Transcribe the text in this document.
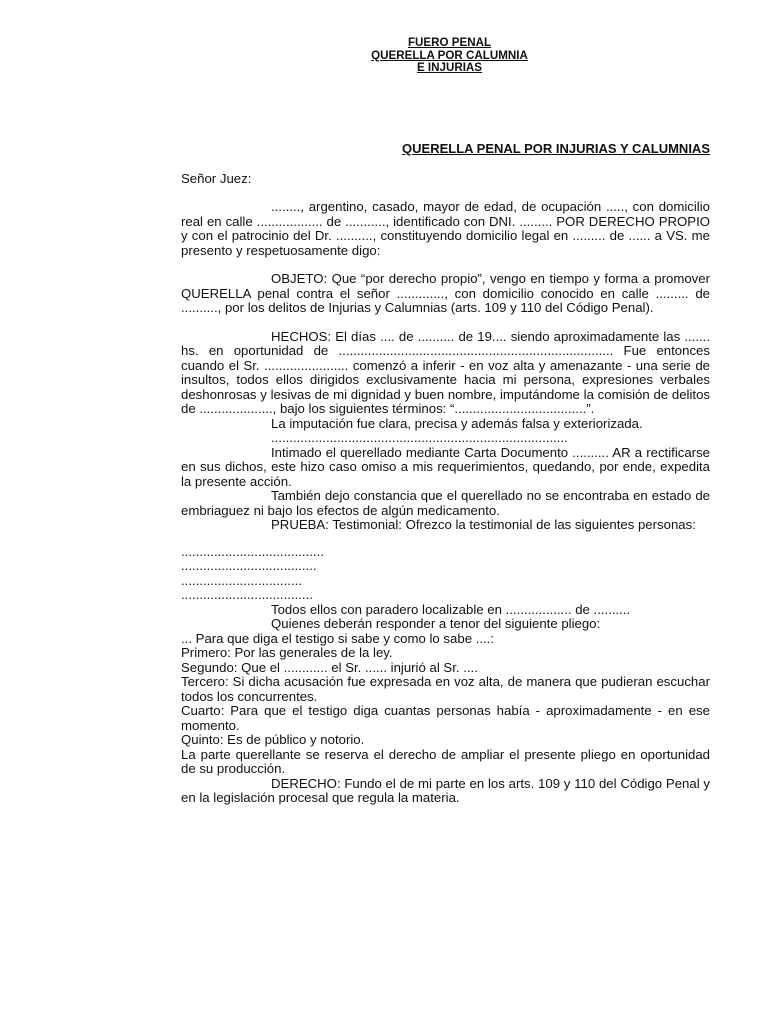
FUERO PENAL
QUERELLA POR CALUMNIA
E INJURIAS
QUERELLA PENAL POR INJURIAS Y CALUMNIAS

Señor Juez:

........, argentino, casado, mayor de edad, de ocupación ....., con domicilio real en calle .................. de ..........., identificado con DNI. ......... POR DERECHO PROPIO y con el patrocinio del Dr. .........., constituyendo domicilio legal en ......... de ...... a VS. me presento y respetuosamente digo:

OBJETO: Que “por derecho propio”, vengo en tiempo y forma a promover QUERELLA penal contra el señor ............., con domicilio conocido en calle ......... de .........., por los delitos de Injurias y Calumnias (arts. 109 y 110 del Código Penal).

HECHOS: El días .... de .......... de 19.... siendo aproximadamente las ....... hs. en oportunidad de ........................................................................... Fue entonces cuando el Sr. ....................... comenzó a inferir - en voz alta y amenazante - una serie de insultos, todos ellos dirigidos exclusivamente hacia mi persona, expresiones verbales deshonrosas y lesivas de mi dignidad y buen nombre, imputándome la comisión de delitos de ...................., bajo los siguientes términos: “....................................”.

La imputación fue clara, precisa y además falsa y exteriorizada.

.................................................................................

Intimado el querellado mediante Carta Documento .......... AR a rectificarse en sus dichos, este hizo caso omiso a mis requerimientos, quedando, por ende, expedita la presente acción.

También dejo constancia que el querellado no se encontraba en estado de embriaguez ni bajo los efectos de algún medicamento.

PRUEBA: Testimonial: Ofrezco la testimonial de las siguientes personas:

.......................................

.....................................

.................................

....................................

Todos ellos con paradero localizable en .................. de ..........

Quienes deberán responder a tenor del siguiente pliego:

... Para que diga el testigo si sabe y como lo sabe ....:

Primero: Por las generales de la ley.

Segundo: Que el ............ el Sr. ...... injurió al Sr. ....

Tercero: Si dicha acusación fue expresada en voz alta, de manera que pudieran escuchar todos los concurrentes.

Cuarto: Para que el testigo diga cuantas personas había - aproximadamente - en ese momento.

Quinto: Es de público y notorio.

La parte querellante se reserva el derecho de ampliar el presente pliego en oportunidad de su producción.

DERECHO: Fundo el de mi parte en los arts. 109 y 110 del Código Penal y en la legislación procesal que regula la materia.
